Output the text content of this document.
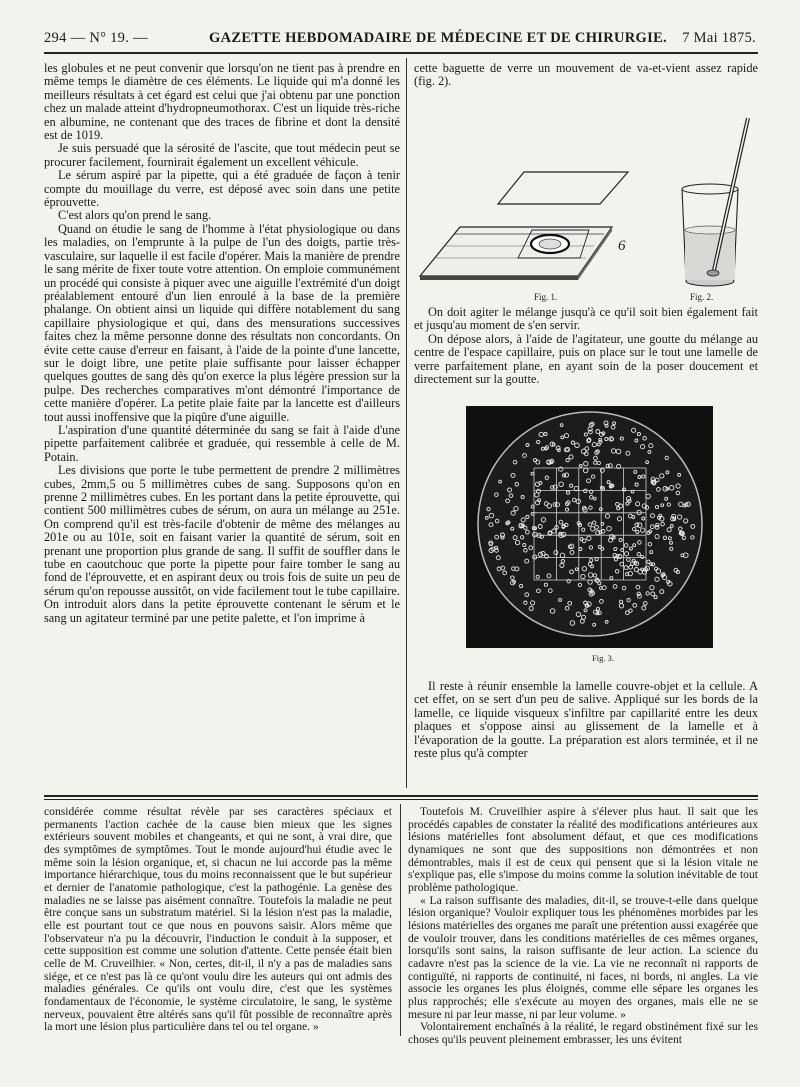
294 — N° 19. —	GAZETTE HEBDOMADAIRE DE MÉDECINE ET DE CHIRURGIE. 7 Mai 1875.

les globules et ne peut convenir que lorsqu'on ne tient pas à prendre en même temps le diamètre de ces éléments. Le liquide qui m'a donné les meilleurs résultats à cet égard est celui que j'ai obtenu par une ponction chez un malade atteint d'hydropneumothorax. C'est un liquide très-riche en albumine, ne contenant que des traces de fibrine et dont la densité est de 1019.

Je suis persuadé que la sérosité de l'ascite, que tout médecin peut se procurer facilement, fournirait également un excellent véhicule.

Le sérum aspiré par la pipette, qui a été graduée de façon à tenir compte du mouillage du verre, est déposé avec soin dans une petite éprouvette.

C'est alors qu'on prend le sang.

Quand on étudie le sang de l'homme à l'état physiologique ou dans les maladies, on l'emprunte à la pulpe de l'un des doigts, partie très-vasculaire, sur laquelle il est facile d'opérer. Mais la manière de prendre le sang mérite de fixer toute votre attention. On emploie communément un procédé qui consiste à piquer avec une aiguille l'extrémité d'un doigt préalablement entouré d'un lien enroulé à la base de la première phalange. On obtient ainsi un liquide qui diffère notablement du sang capillaire physiologique et qui, dans des mensurations successives faites chez la même personne donne des résultats non concordants. On évite cette cause d'erreur en faisant, à l'aide de la pointe d'une lancette, sur le doigt libre, une petite plaie suffisante pour laisser échapper quelques gouttes de sang dès qu'on exerce la plus légère pression sur la pulpe. Des recherches comparatives m'ont démontré l'importance de cette manière d'opérer. La petite plaie faite par la lancette est d'ailleurs tout aussi inoffensive que la piqûre d'une aiguille.

L'aspiration d'une quantité déterminée du sang se fait à l'aide d'une pipette parfaitement calibrée et graduée, qui ressemble à celle de M. Potain.

Les divisions que porte le tube permettent de prendre 2 millimètres cubes, 2mm,5 ou 5 millimètres cubes de sang. Supposons qu'on en prenne 2 millimètres cubes. En les portant dans la petite éprouvette, qui contient 500 millimètres cubes de sérum, on aura un mélange au 251e. On comprend qu'il est très-facile d'obtenir de même des mélanges au 201e ou au 101e, soit en faisant varier la quantité de sérum, soit en prenant une proportion plus grande de sang. Il suffit de souffler dans le tube en caoutchouc que porte la pipette pour faire tomber le sang au fond de l'éprouvette, et en aspirant deux ou trois fois de suite un peu de sérum qu'on repousse aussitôt, on vide facilement tout le tube capillaire. On introduit alors dans la petite éprouvette contenant le sérum et le sang un agitateur terminé par une petite palette, et l'on imprime à

cette baguette de verre un mouvement de va-et-vient assez rapide (fig. 2).

6
Fig. 1.	Fig. 2.

On doit agiter le mélange jusqu'à ce qu'il soit bien également fait et jusqu'au moment de s'en servir.

On dépose alors, à l'aide de l'agitateur, une goutte du mélange au centre de l'espace capillaire, puis on place sur le tout une lamelle de verre parfaitement plane, en ayant soin de la poser doucement et directement sur la goutte.

Fig. 3.

Il reste à réunir ensemble la lamelle couvre-objet et la cellule. A cet effet, on se sert d'un peu de salive. Appliqué sur les bords de la lamelle, ce liquide visqueux s'infiltre par capillarité entre les deux plaques et s'oppose ainsi au glissement de la lamelle et à l'évaporation de la goutte. La préparation est alors terminée, et il ne reste plus qu'à compter

considérée comme résultat révèle par ses caractères spéciaux et permanents l'action cachée de la cause bien mieux que les signes extérieurs souvent mobiles et changeants, et qui ne sont, à vrai dire, que des symptômes de symptômes. Tout le monde aujourd'hui étudie avec le même soin la lésion organique, et, si chacun ne lui accorde pas la même importance hiérarchique, tous du moins reconnaissent que le but supérieur et dernier de l'anatomie pathologique, c'est la pathogénie. La genèse des maladies ne se laisse pas aisément connaître. Toutefois la maladie ne peut être conçue sans un substratum matériel. Si la lésion n'est pas la maladie, elle est pourtant tout ce que nous en pouvons saisir. Alors même que l'observateur n'a pu la découvrir, l'induction le conduit à la supposer, et cette supposition est comme une solution d'attente. Cette pensée était bien celle de M. Cruveilhier. « Non, certes, dit-il, il n'y a pas de maladies sans siége, et ce n'est pas là ce qu'ont voulu dire les auteurs qui ont admis des maladies générales. Ce qu'ils ont voulu dire, c'est que les systèmes fondamentaux de l'économie, le système circulatoire, le sang, le système nerveux, pouvaient être altérés sans qu'il fût possible de reconnaître après la mort une lésion plus particulière dans tel ou tel organe. »

Toutefois M. Cruveilhier aspire à s'élever plus haut. Il sait que les procédés capables de constater la réalité des modifications antérieures aux lésions matérielles font absolument défaut, et que ces modifications dynamiques ne sont que des suppositions non démontrées et non démontrables, mais il est de ceux qui pensent que si la lésion vitale ne s'explique pas, elle s'impose du moins comme la solution inévitable de tout problème pathologique.

« La raison suffisante des maladies, dit-il, se trouve-t-elle dans quelque lésion organique? Vouloir expliquer tous les phénomènes morbides par les lésions matérielles des organes me paraît une prétention aussi exagérée que de vouloir trouver, dans les conditions matérielles de ces mêmes organes, lorsqu'ils sont sains, la raison suffisante de leur action. La science du cadavre n'est pas la science de la vie. La vie ne reconnaît ni rapports de contiguïté, ni rapports de continuité, ni faces, ni bords, ni angles. La vie associe les organes les plus éloignés, comme elle sépare les organes les plus rapprochés; elle s'exécute au moyen des organes, mais elle ne se mesure ni par leur masse, ni par leur volume. »

Volontairement enchaînés à la réalité, le regard obstinément fixé sur les choses qu'ils peuvent pleinement embrasser, les uns évitent
